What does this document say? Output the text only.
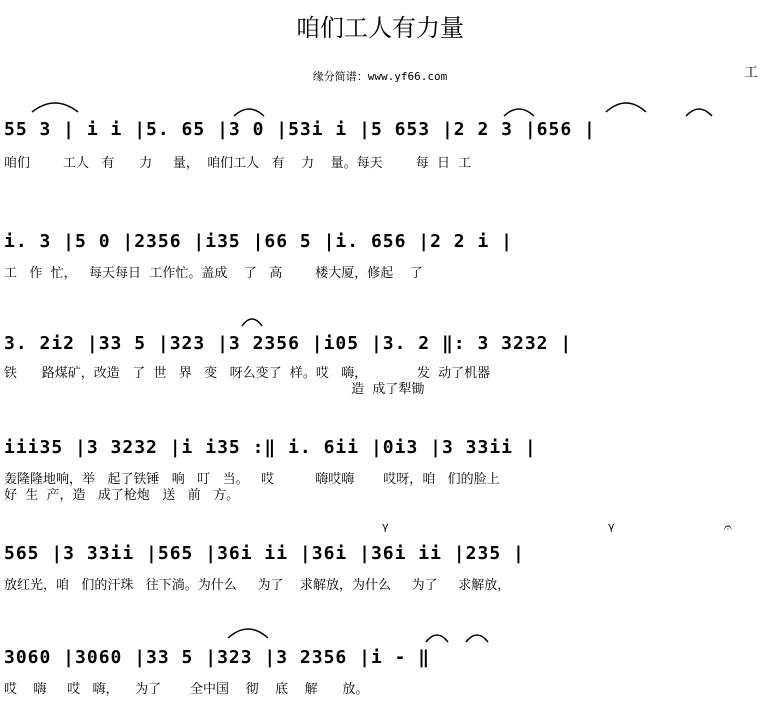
咱们工人有力量
缘分简谱：www.yf66.com	工
55 3 | i i |5. 65 |3 0 |53i i |5 653 |2 2 3 |656 |
咱们        工人   有      力     量，  咱们工人   有    力    量。每天        每  日  工
i. 3 |5 0 |2356 |i35 |66 5 |i. 656 |2 2 i |
工   作  忙，   每天每日  工作忙。盖成    了   高        楼大厦，修起    了
3. 2i2 |33 5 |323 |3 2356 |i05 |3. 2 ‖: 3 3232 |
铁      路煤矿，改造   了  世   界   变   呀么变了  样。哎   嗨，            发  动了机器
造  成了犁锄
iii35 |3 3232 |i i35 :‖ i. 6ii |0i3 |3 33ii |
轰隆隆地响，举   起了铁锤   响   叮   当。   哎          嗨哎嗨       哎呀，咱   们的脸上
好  生  产，造   成了枪炮   送   前   方。
γ	γ	𝄐
565 |3 33ii |565 |36i ii |36i |36i ii |235 |
放红光，咱   们的汗珠   往下淌。为什么     为了    求解放，为什么     为了     求解放，
3060 |3060 |33 5 |323 |3 2356 |i - ‖
哎    嗨     哎   嗨，    为了       全中国    彻    底    解      放。
